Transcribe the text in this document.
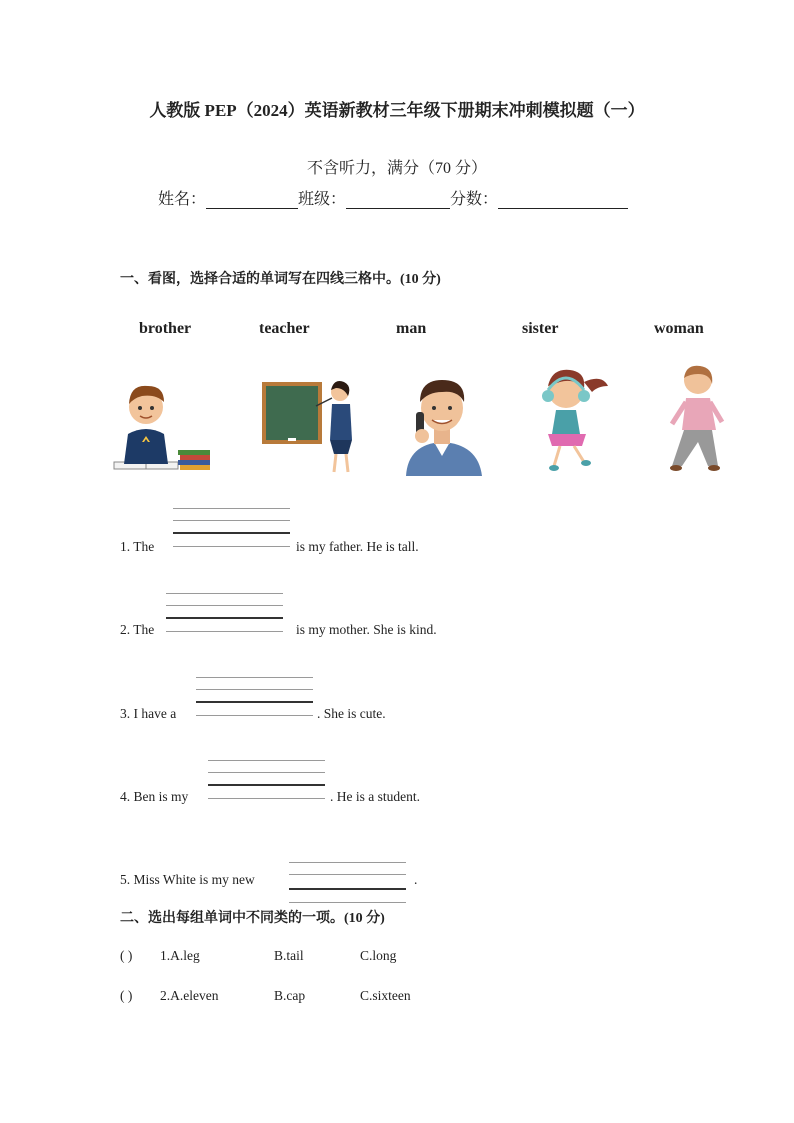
人教版 PEP（2024）英语新教材三年级下册期末冲刺模拟题（一）
不含听力，满分（70 分）
姓名：	班级：	分数：
一、看图，选择合适的单词写在四线三格中。(10 分)
brother	teacher	man	sister	woman
1. The	is my father. He is tall.
2. The	is my mother. She is kind.
3. I have a	. She is cute.
4. Ben is my	. He is a student.
5. Miss White is my new	.
二、选出每组单词中不同类的一项。(10 分)
( ) 1.A.leg	B.tail	C.long
( ) 2.A.eleven	B.cap	C.sixteen
